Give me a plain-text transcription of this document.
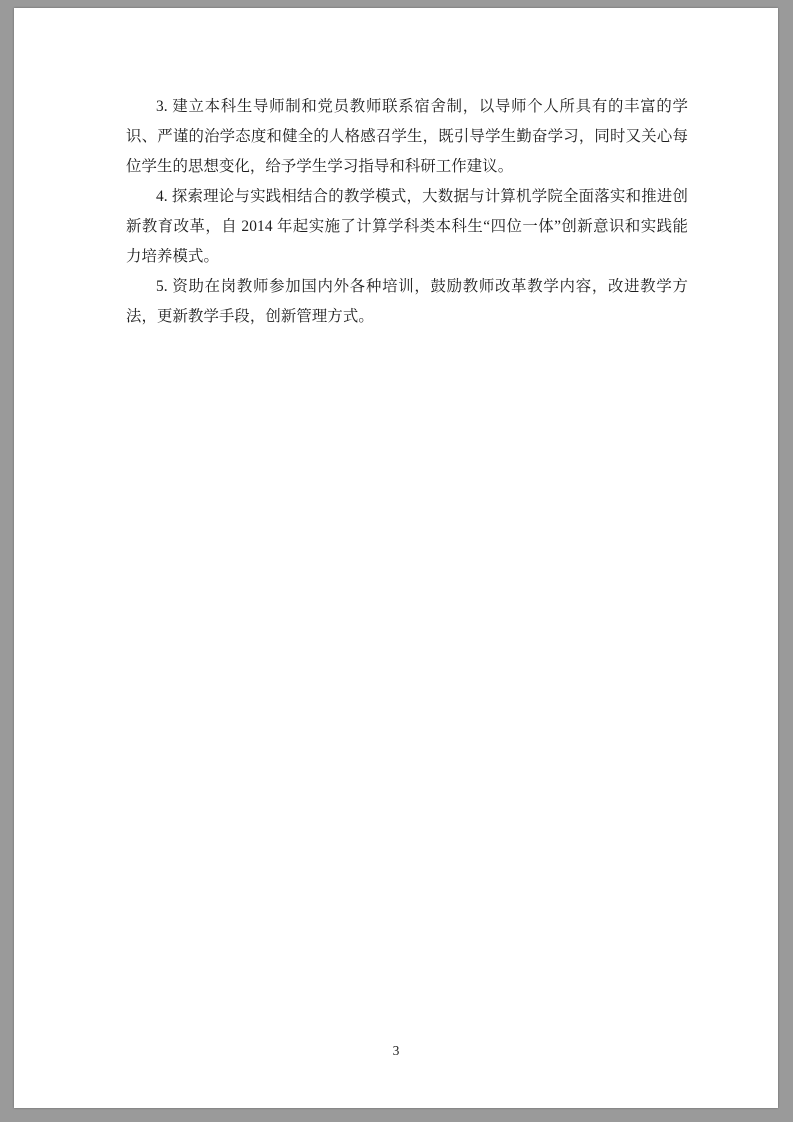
3. 建立本科生导师制和党员教师联系宿舍制，以导师个人所具有的丰富的学识、严谨的治学态度和健全的人格感召学生，既引导学生勤奋学习，同时又关心每位学生的思想变化，给予学生学习指导和科研工作建议。

4. 探索理论与实践相结合的教学模式，大数据与计算机学院全面落实和推进创新教育改革，自 2014 年起实施了计算学科类本科生“四位一体”创新意识和实践能力培养模式。

5. 资助在岗教师参加国内外各种培训，鼓励教师改革教学内容，改进教学方法，更新教学手段，创新管理方式。

3
